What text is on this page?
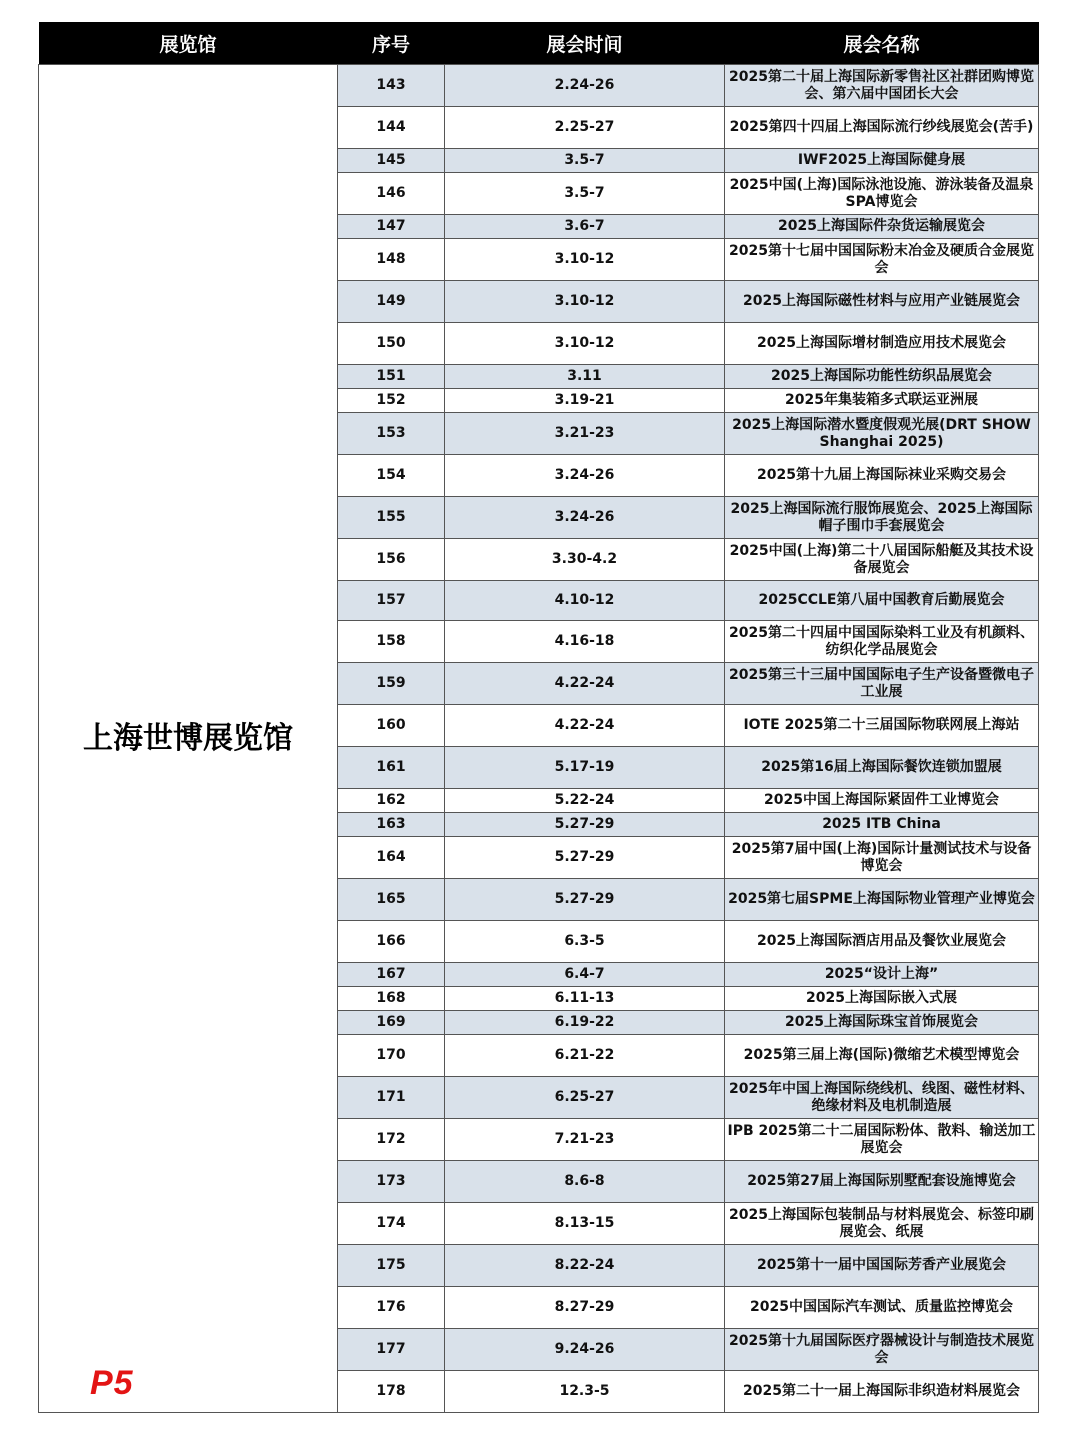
展览馆	序号	展会时间	展会名称
上海世博展览馆	143	2.24-26	2025第二十届上海国际新零售社区社群团购博览会、第六届中国团长大会
	144	2.25-27	2025第四十四届上海国际流行纱线展览会(苦手)
	145	3.5-7	IWF2025上海国际健身展
	146	3.5-7	2025中国(上海)国际泳池设施、游泳装备及温泉SPA博览会
	147	3.6-7	2025上海国际件杂货运输展览会
	148	3.10-12	2025第十七届中国国际粉末冶金及硬质合金展览会
	149	3.10-12	2025上海国际磁性材料与应用产业链展览会
	150	3.10-12	2025上海国际增材制造应用技术展览会
	151	3.11	2025上海国际功能性纺织品展览会
	152	3.19-21	2025年集装箱多式联运亚洲展
	153	3.21-23	2025上海国际潜水暨度假观光展(DRT SHOW Shanghai 2025)
	154	3.24-26	2025第十九届上海国际袜业采购交易会
	155	3.24-26	2025上海国际流行服饰展览会、2025上海国际帽子围巾手套展览会
	156	3.30-4.2	2025中国(上海)第二十八届国际船艇及其技术设备展览会
	157	4.10-12	2025CCLE第八届中国教育后勤展览会
	158	4.16-18	2025第二十四届中国国际染料工业及有机颜料、纺织化学品展览会
	159	4.22-24	2025第三十三届中国国际电子生产设备暨微电子工业展
	160	4.22-24	IOTE 2025第二十三届国际物联网展上海站
	161	5.17-19	2025第16届上海国际餐饮连锁加盟展
	162	5.22-24	2025中国上海国际紧固件工业博览会
	163	5.27-29	2025 ITB China
	164	5.27-29	2025第7届中国(上海)国际计量测试技术与设备博览会
	165	5.27-29	2025第七届SPME上海国际物业管理产业博览会
	166	6.3-5	2025上海国际酒店用品及餐饮业展览会
	167	6.4-7	2025“设计上海”
	168	6.11-13	2025上海国际嵌入式展
	169	6.19-22	2025上海国际珠宝首饰展览会
	170	6.21-22	2025第三届上海(国际)微缩艺术模型博览会
	171	6.25-27	2025年中国上海国际绕线机、线图、磁性材料、绝缘材料及电机制造展
	172	7.21-23	IPB 2025第二十二届国际粉体、散料、输送加工展览会
	173	8.6-8	2025第27届上海国际别墅配套设施博览会
	174	8.13-15	2025上海国际包装制品与材料展览会、标签印刷展览会、纸展
	175	8.22-24	2025第十一届中国国际芳香产业展览会
	176	8.27-29	2025中国国际汽车测试、质量监控博览会
	177	9.24-26	2025第十九届国际医疗器械设计与制造技术展览会
	178	12.3-5	2025第二十一届上海国际非织造材料展览会
P5
